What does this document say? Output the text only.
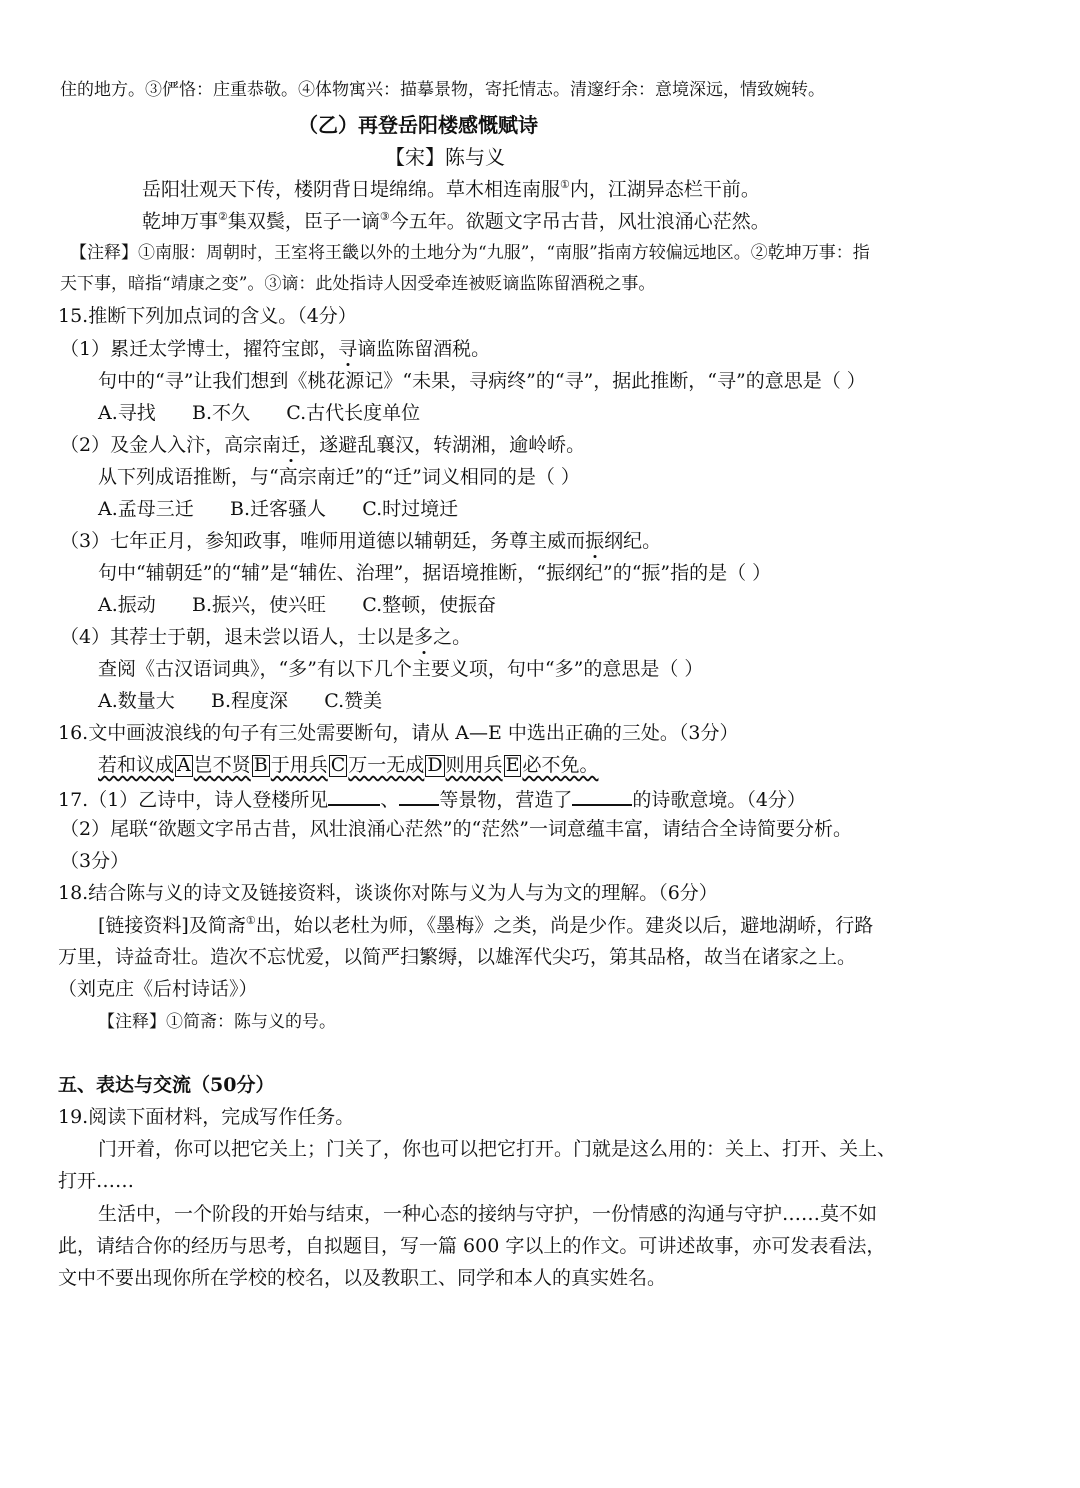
住的地方。③俨恪：庄重恭敬。④体物寓兴：描摹景物，寄托情志。清邃纡余：意境深远，情致婉转。
（乙）再登岳阳楼感慨赋诗
【宋】陈与义
岳阳壮观天下传，楼阴背日堤绵绵。草木相连南服①内，江湖异态栏干前。
乾坤万事②集双鬓，臣子一谪③今五年。欲题文字吊古昔，风壮浪涌心茫然。
【注释】①南服：周朝时，王室将王畿以外的土地分为“九服”，“南服”指南方较偏远地区。②乾坤万事：指
天下事，暗指“靖康之变”。③谪：此处指诗人因受牵连被贬谪监陈留酒税之事。
15.推断下列加点词的含义。（4分）
（1）累迁太学博士，擢符宝郎，寻谪监陈留酒税。
句中的“寻”让我们想到《桃花源记》“未果，寻病终”的“寻”，据此推断，“寻”的意思是（ ）
A.寻找      B.不久      C.古代长度单位
（2）及金人入汴，高宗南迁，遂避乱襄汉，转湖湘，逾岭峤。
从下列成语推断，与“高宗南迁”的“迁”词义相同的是（ ）
A.孟母三迁      B.迁客骚人      C.时过境迁
（3）七年正月，参知政事，唯师用道德以辅朝廷，务尊主威而振纲纪。
句中“辅朝廷”的“辅”是“辅佐、治理”，据语境推断，“振纲纪”的“振”指的是（ ）
A.振动      B.振兴，使兴旺      C.整顿，使振奋
（4）其荐士于朝，退未尝以语人，士以是多之。
查阅《古汉语词典》，“多”有以下几个主要义项，句中“多”的意思是（ ）
A.数量大      B.程度深      C.赞美
16.文中画波浪线的句子有三处需要断句，请从 A—E 中选出正确的三处。（3分）
若和议成 A 岂不贤 B 于用兵 C 万一无成 D 则用兵 E 必不免。
17.（1）乙诗中，诗人登楼所见	、 等景物，营造了	的诗歌意境。（4分）
（2）尾联“欲题文字吊古昔，风壮浪涌心茫然”的“茫然”一词意蕴丰富，请结合全诗简要分析。
（3分）
18.结合陈与义的诗文及链接资料，谈谈你对陈与义为人与为文的理解。（6分）
[链接资料]及简斋①出，始以老杜为师，《墨梅》之类，尚是少作。建炎以后，避地湖峤，行路
万里，诗益奇壮。造次不忘忧爱，以简严扫繁缛，以雄浑代尖巧，第其品格，故当在诸家之上。
（刘克庄《后村诗话》）
【注释】①简斋：陈与义的号。
五、表达与交流（50分）
19.阅读下面材料，完成写作任务。
门开着，你可以把它关上；门关了，你也可以把它打开。门就是这么用的：关上、打开、关上、
打开……
生活中，一个阶段的开始与结束，一种心态的接纳与守护，一份情感的沟通与守护……莫不如
此，请结合你的经历与思考，自拟题目，写一篇 600 字以上的作文。可讲述故事，亦可发表看法，
文中不要出现你所在学校的校名，以及教职工、同学和本人的真实姓名。
